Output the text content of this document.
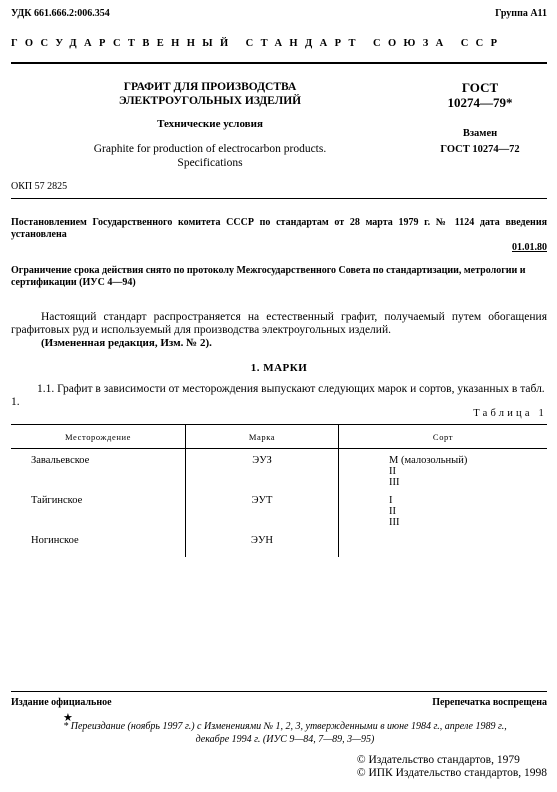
УДК 661.666.2:006.354	Группа А11
ГОСУДАРСТВЕННЫЙ СТАНДАРТ СОЮЗА ССР
ГРАФИТ ДЛЯ ПРОИЗВОДСТВА
ЭЛЕКТРОУГОЛЬНЫХ ИЗДЕЛИЙ
Технические условия
Graphite for production of electrocarbon products.
Specifications
ГОСТ
10274—79*
Взамен
ГОСТ 10274—72
ОКП 57 2825
Постановлением Государственного комитета СССР по стандартам от 28 марта 1979 г. № 1124 дата введения установлена
01.01.80
Ограничение срока действия снято по протоколу Межгосударственного Совета по стандартизации, метрологии и сертификации (ИУС 4—94)
Настоящий стандарт распространяется на естественный графит, получаемый путем обогащения графитовых руд и используемый для производства электроугольных изделий.
(Измененная редакция, Изм. № 2).
1. МАРКИ
1.1. Графит в зависимости от месторождения выпускают следующих марок и сортов, указанных в табл. 1.
Таблица 1
Месторождение	Марка	Сорт
Завальевское	ЭУЗ	М (малозольный)
II
III

Тайгинское	ЭУТ	I
II
III

Ногинское	ЭУН	
Издание официальное	Перепечатка воспрещена
★
* Переиздание (ноябрь 1997 г.) с Изменениями № 1, 2, 3, утвержденными в июне 1984 г., апреле 1989 г.,
декабре 1994 г. (ИУС 9—84, 7—89, 3—95)
© Издательство стандартов, 1979
© ИПК Издательство стандартов, 1998
